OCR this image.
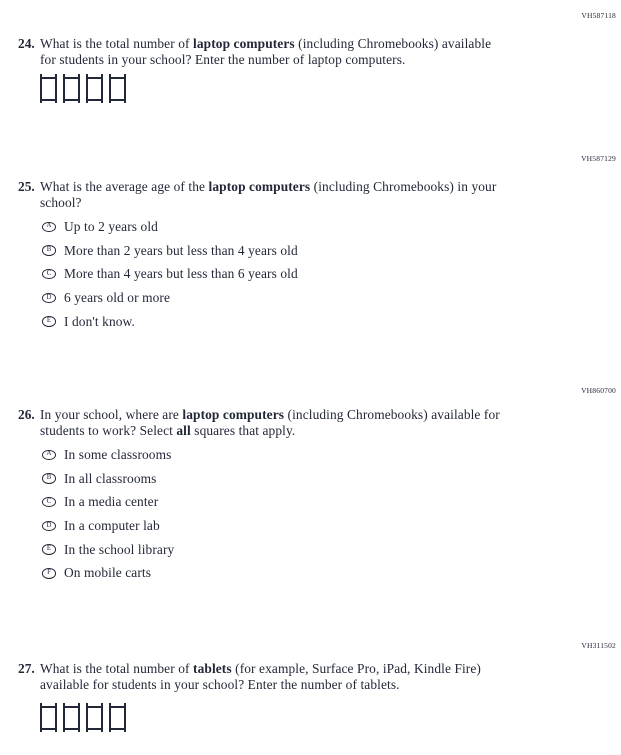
VH587118
24. What is the total number of laptop computers (including Chromebooks) available
for students in your school? Enter the number of laptop computers.
VH587129
25. What is the average age of the laptop computers (including Chromebooks) in your
school?
A Up to 2 years old
B More than 2 years but less than 4 years old
C More than 4 years but less than 6 years old
D 6 years old or more
E I don't know.
VH860700
26. In your school, where are laptop computers (including Chromebooks) available for
students to work? Select all squares that apply.
A In some classrooms
B In all classrooms
C In a media center
D In a computer lab
E In the school library
F On mobile carts
VH311502
27. What is the total number of tablets (for example, Surface Pro, iPad, Kindle Fire)
available for students in your school? Enter the number of tablets.
